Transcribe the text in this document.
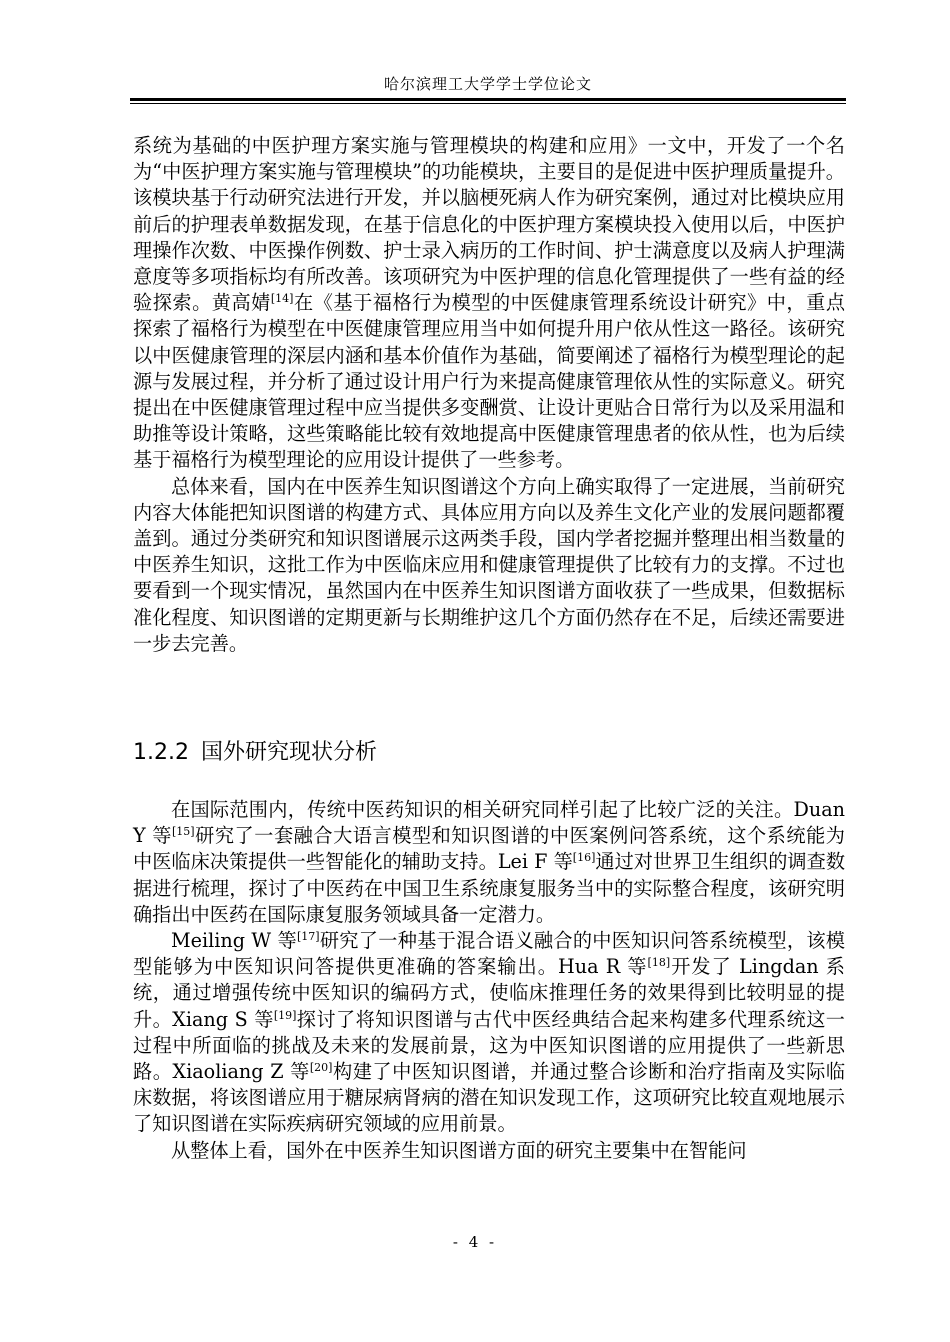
哈尔滨理工大学学士学位论文

系统为基础的中医护理方案实施与管理模块的构建和应用》一文中，开发了一个名为“中医护理方案实施与管理模块”的功能模块，主要目的是促进中医护理质量提升。该模块基于行动研究法进行开发，并以脑梗死病人作为研究案例，通过对比模块应用前后的护理表单数据发现，在基于信息化的中医护理方案模块投入使用以后，中医护理操作次数、中医操作例数、护士录入病历的工作时间、护士满意度以及病人护理满意度等多项指标均有所改善。该项研究为中医护理的信息化管理提供了一些有益的经验探索。黄高婧[14]在《基于福格行为模型的中医健康管理系统设计研究》中，重点探索了福格行为模型在中医健康管理应用当中如何提升用户依从性这一路径。该研究以中医健康管理的深层内涵和基本价值作为基础，简要阐述了福格行为模型理论的起源与发展过程，并分析了通过设计用户行为来提高健康管理依从性的实际意义。研究提出在中医健康管理过程中应当提供多变酬赏、让设计更贴合日常行为以及采用温和助推等设计策略，这些策略能比较有效地提高中医健康管理患者的依从性，也为后续基于福格行为模型理论的应用设计提供了一些参考。

总体来看，国内在中医养生知识图谱这个方向上确实取得了一定进展，当前研究内容大体能把知识图谱的构建方式、具体应用方向以及养生文化产业的发展问题都覆盖到。通过分类研究和知识图谱展示这两类手段，国内学者挖掘并整理出相当数量的中医养生知识，这批工作为中医临床应用和健康管理提供了比较有力的支撑。不过也要看到一个现实情况，虽然国内在中医养生知识图谱方面收获了一些成果，但数据标准化程度、知识图谱的定期更新与长期维护这几个方面仍然存在不足，后续还需要进一步去完善。

1.2.2 国外研究现状分析

在国际范围内，传统中医药知识的相关研究同样引起了比较广泛的关注。Duan Y 等[15]研究了一套融合大语言模型和知识图谱的中医案例问答系统，这个系统能为中医临床决策提供一些智能化的辅助支持。Lei F 等[16]通过对世界卫生组织的调查数据进行梳理，探讨了中医药在中国卫生系统康复服务当中的实际整合程度，该研究明确指出中医药在国际康复服务领域具备一定潜力。

Meiling W 等[17]研究了一种基于混合语义融合的中医知识问答系统模型，该模型能够为中医知识问答提供更准确的答案输出。Hua R 等[18]开发了 Lingdan 系统，通过增强传统中医知识的编码方式，使临床推理任务的效果得到比较明显的提升。Xiang S 等[19]探讨了将知识图谱与古代中医经典结合起来构建多代理系统这一过程中所面临的挑战及未来的发展前景，这为中医知识图谱的应用提供了一些新思路。Xiaoliang Z 等[20]构建了中医知识图谱，并通过整合诊断和治疗指南及实际临床数据，将该图谱应用于糖尿病肾病的潜在知识发现工作，这项研究比较直观地展示了知识图谱在实际疾病研究领域的应用前景。

从整体上看，国外在中医养生知识图谱方面的研究主要集中在智能问

- 4 -
